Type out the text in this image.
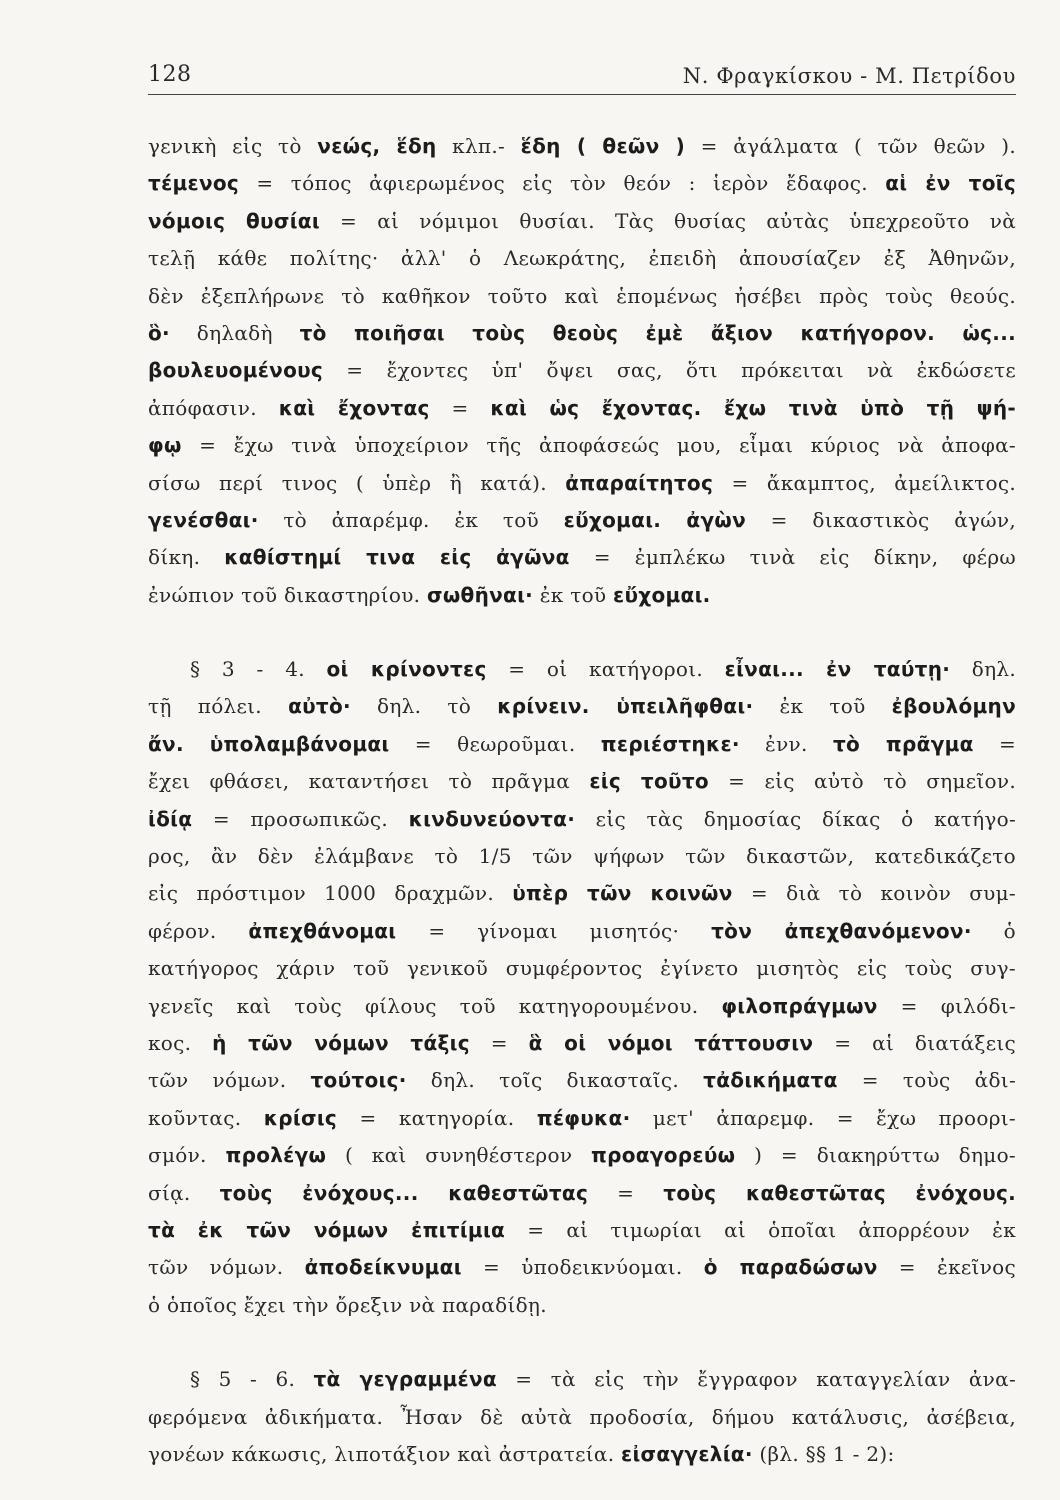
128	Ν. Φραγκίσκου - Μ. Πετρίδου
γενικὴ εἰς τὸ νεώς, ἕδη κλπ.- ἕδη ( θεῶν ) = ἀγάλματα ( τῶν θεῶν ).
τέμενος = τόπος ἀφιερωμένος εἰς τὸν θεόν : ἱερὸν ἔδαφος. αἱ ἐν τοῖς
νόμοις θυσίαι = αἱ νόμιμοι θυσίαι. Τὰς θυσίας αὐτὰς ὑπεχρεοῦτο νὰ
τελῇ κάθε πολίτης· ἀλλ' ὁ Λεωκράτης, ἐπειδὴ ἀπουσίαζεν ἐξ Ἀθηνῶν,
δὲν ἐξεπλήρωνε τὸ καθῆκον τοῦτο καὶ ἑπομένως ἠσέβει πρὸς τοὺς θεούς.
ὃ· δηλαδὴ τὸ ποιῆσαι τοὺς θεοὺς ἐμὲ ἄξιον κατήγορον. ὡς...
βουλευομένους = ἔχοντες ὑπ' ὄψει σας, ὅτι πρόκειται νὰ ἐκδώσετε
ἀπόφασιν. καὶ ἔχοντας = καὶ ὡς ἔχοντας. ἔχω τινὰ ὑπὸ τῇ ψή-
φῳ = ἔχω τινὰ ὑποχείριον τῆς ἀποφάσεώς μου, εἶμαι κύριος νὰ ἀποφα-
σίσω περί τινος ( ὑπὲρ ἢ κατά). ἀπαραίτητος = ἄκαμπτος, ἀμείλικτος.
γενέσθαι· τὸ ἀπαρέμφ. ἐκ τοῦ εὔχομαι. ἀγὼν = δικαστικὸς ἀγών,
δίκη. καθίστημί τινα εἰς ἀγῶνα = ἐμπλέκω τινὰ εἰς δίκην, φέρω
ἐνώπιον τοῦ δικαστηρίου. σωθῆναι· ἐκ τοῦ εὔχομαι.
§ 3 - 4. οἱ κρίνοντες = οἱ κατήγοροι. εἶναι... ἐν ταύτῃ· δηλ.
τῇ πόλει. αὐτὸ· δηλ. τὸ κρίνειν. ὑπειλῆφθαι· ἐκ τοῦ ἐβουλόμην
ἄν. ὑπολαμβάνομαι = θεωροῦμαι. περιέστηκε· ἐνν. τὸ πρᾶγμα =
ἔχει φθάσει, καταντήσει τὸ πρᾶγμα εἰς τοῦτο = εἰς αὐτὸ τὸ σημεῖον.
ἰδίᾳ = προσωπικῶς. κινδυνεύοντα· εἰς τὰς δημοσίας δίκας ὁ κατήγο-
ρος, ἂν δὲν ἐλάμβανε τὸ 1/5 τῶν ψήφων τῶν δικαστῶν, κατεδικάζετο
εἰς πρόστιμον 1000 δραχμῶν. ὑπὲρ τῶν κοινῶν = διὰ τὸ κοινὸν συμ-
φέρον. ἀπεχθάνομαι = γίνομαι μισητός· τὸν ἀπεχθανόμενον· ὁ
κατήγορος χάριν τοῦ γενικοῦ συμφέροντος ἐγίνετο μισητὸς εἰς τοὺς συγ-
γενεῖς καὶ τοὺς φίλους τοῦ κατηγορουμένου. φιλοπράγμων = φιλόδι-
κος. ἡ τῶν νόμων τάξις = ἃ οἱ νόμοι τάττουσιν = αἱ διατάξεις
τῶν νόμων. τούτοις· δηλ. τοῖς δικασταῖς. τἀδικήματα = τοὺς ἀδι-
κοῦντας. κρίσις = κατηγορία. πέφυκα· μετ' ἀπαρεμφ. = ἔχω προορι-
σμόν. προλέγω ( καὶ συνηθέστερον προαγορεύω ) = διακηρύττω δημο-
σίᾳ. τοὺς ἐνόχους... καθεστῶτας = τοὺς καθεστῶτας ἐνόχους.
τὰ ἐκ τῶν νόμων ἐπιτίμια = αἱ τιμωρίαι αἱ ὁποῖαι ἀπορρέουν ἐκ
τῶν νόμων. ἀποδείκνυμαι = ὑποδεικνύομαι. ὁ παραδώσων = ἐκεῖνος
ὁ ὁποῖος ἔχει τὴν ὄρεξιν νὰ παραδίδῃ.
§ 5 - 6. τὰ γεγραμμένα = τὰ εἰς τὴν ἔγγραφον καταγγελίαν ἀνα-
φερόμενα ἀδικήματα. Ἦσαν δὲ αὐτὰ προδοσία, δήμου κατάλυσις, ἀσέβεια,
γονέων κάκωσις, λιποτάξιον καὶ ἀστρατεία. εἰσαγγελία· (βλ. §§ 1 - 2):
